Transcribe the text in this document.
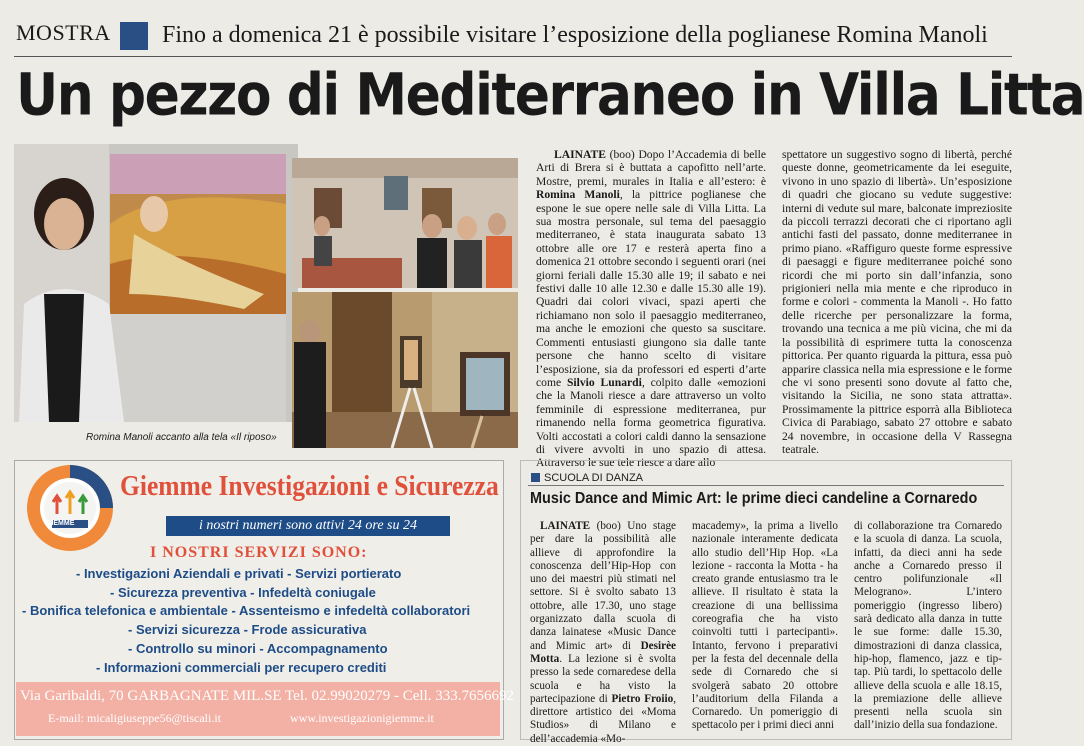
MOSTRA Fino a domenica 21 è possibile visitare l’esposizione della poglianese Romina Manoli
Un pezzo di Mediterraneo in Villa Litta
Romina Manoli accanto alla tela «Il riposo»
LAINATE (boo) Dopo l’Accademia di belle Arti di Brera si è buttata a capofitto nell’arte. Mostre, premi, murales in Italia e all’estero: è Romina Manoli, la pittrice poglianese che espone le sue opere nelle sale di Villa Litta. La sua mostra personale, sul tema del paesaggio mediterraneo, è stata inaugurata sabato 13 ottobre alle ore 17 e resterà aperta fino a domenica 21 ottobre secondo i seguenti orari (nei giorni feriali dalle 15.30 alle 19; il sabato e nei festivi dalle 10 alle 12.30 e dalle 15.30 alle 19). Quadri dai colori vivaci, spazi aperti che richiamano non solo il paesaggio mediterraneo, ma anche le emozioni che questo sa suscitare. Commenti entusiasti giungono sia dalle tante persone che hanno scelto di visitare l’esposizione, sia da professori ed esperti d’arte come Silvio Lunardi, colpito dalle «emozioni che la Manoli riesce a dare attraverso un volto femminile di espressione mediterranea, pur rimanendo nella forma geometrica figurativa. Volti accostati a colori caldi danno la sensazione di vivere avvolti in uno spazio di attesa. Attraverso le sue tele riesce a dare allo
spettatore un suggestivo sogno di libertà, perché queste donne, geometricamente da lei eseguite, vivono in uno spazio di libertà». Un’esposizione di quadri che giocano su vedute suggestive: interni di vedute sul mare, balconate impreziosite da piccoli terrazzi decorati che ci riportano agli antichi fasti del passato, donne mediterranee in primo piano. «Raffiguro queste forme espressive di paesaggi e figure mediterranee poiché sono ricordi che mi porto sin dall’infanzia, sono prigionieri nella mia mente e che riproduco in forme e colori - commenta la Manoli -. Ho fatto delle ricerche per personalizzare la forma, trovando una tecnica a me più vicina, che mi da la possibilità di esprimere tutta la conoscenza pittorica. Per quanto riguarda la pittura, essa può apparire classica nella mia espressione e le forme che vi sono presenti sono dovute al fatto che, visitando la Sicilia, ne sono stata attratta». Prossimamente la pittrice esporrà alla Biblioteca Civica di Parabiago, sabato 27 ottobre e sabato 24 novembre, in occasione della V Rassegna teatrale.
GIEMME
Giemme Investigazioni e Sicurezza
i nostri numeri sono attivi 24 ore su 24
I NOSTRI SERVIZI SONO:
- Investigazioni Aziendali e privati - Servizi portierato
- Sicurezza preventiva - Infedeltà coniugale
- Bonifica telefonica e ambientale - Assenteismo e infedeltà collaboratori
- Servizi sicurezza - Frode assicurativa
- Controllo su minori - Accompagnamento
- Informazioni commerciali per recupero crediti
Via Garibaldi, 70 GARBAGNATE MIL.SE Tel. 02.99020279 - Cell. 333.7656692
E-mail: micaligiuseppe56@tiscali.it	www.investigazionigiemme.it
SCUOLA DI DANZA
Music Dance and Mimic Art: le prime dieci candeline a Cornaredo
LAINATE (boo) Uno stage per dare la possibilità alle allieve di approfondire la conoscenza dell’Hip-Hop con uno dei maestri più stimati nel settore. Si è svolto sabato 13 ottobre, alle 17.30, uno stage organizzato dalla scuola di danza lainatese «Music Dance and Mimic art» di Desirèe Motta. La lezione si è svolta presso la sede cornaredese della scuola e ha visto la partecipazione di Pietro Froiio, direttore artistico dei «Moma Studios» di Milano e dell’accademia «Mo-
macademy», la prima a livello nazionale interamente dedicata allo studio dell’Hip Hop. «La lezione - racconta la Motta - ha creato grande entusiasmo tra le allieve. Il risultato è stata la creazione di una bellissima coreografia che ha visto coinvolti tutti i partecipanti». Intanto, fervono i preparativi per la festa del decennale della sede di Cornaredo che si svolgerà sabato 20 ottobre l’auditorium della Filanda a Cornaredo. Un pomeriggio di spettacolo per i primi dieci anni
di collaborazione tra Cornaredo e la scuola di danza. La scuola, infatti, da dieci anni ha sede anche a Cornaredo presso il centro polifunzionale «Il Melograno». L’intero pomeriggio (ingresso libero) sarà dedicato alla danza in tutte le sue forme: dalle 15.30, dimostrazioni di danza classica, hip-hop, flamenco, jazz e tip-tap. Più tardi, lo spettacolo delle allieve della scuola e alle 18.15, la premiazione delle allieve presenti nella scuola sin dall’inizio della sua fondazione.
